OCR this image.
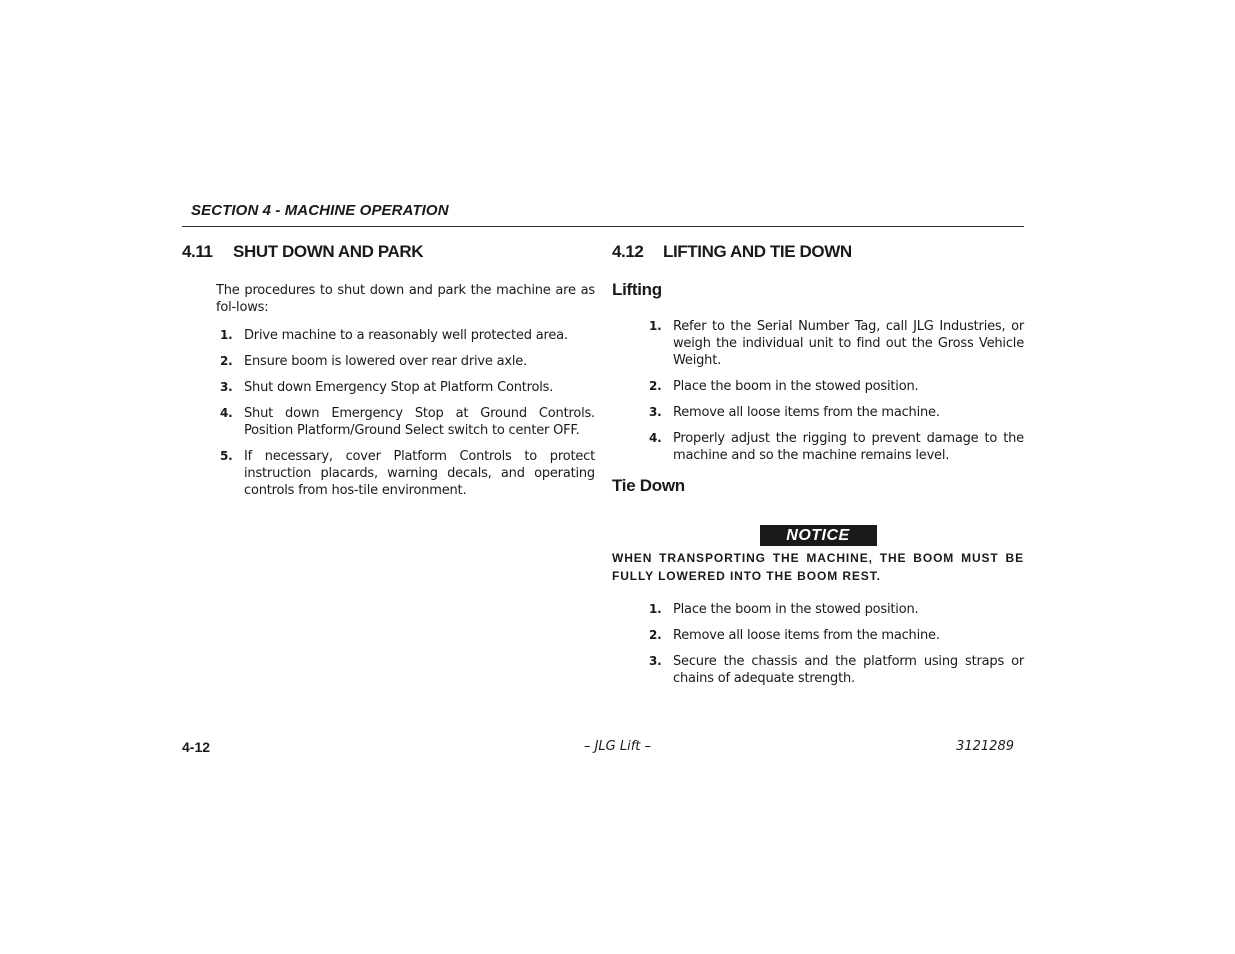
SECTION 4 - MACHINE OPERATION
4.11 SHUT DOWN AND PARK

The procedures to shut down and park the machine are as fol-lows:

1. Drive machine to a reasonably well protected area.
2. Ensure boom is lowered over rear drive axle.
3. Shut down Emergency Stop at Platform Controls.
4. Shut down Emergency Stop at Ground Controls. Position Platform/Ground Select switch to center OFF.
5. If necessary, cover Platform Controls to protect instruction placards, warning decals, and operating controls from hos-tile environment.
4.12 LIFTING AND TIE DOWN
Lifting
1. Refer to the Serial Number Tag, call JLG Industries, or weigh the individual unit to find out the Gross Vehicle Weight.
2. Place the boom in the stowed position.
3. Remove all loose items from the machine.
4. Properly adjust the rigging to prevent damage to the machine and so the machine remains level.
Tie Down
NOTICE

WHEN TRANSPORTING THE MACHINE, THE BOOM MUST BE FULLY LOWERED INTO THE BOOM REST.

1. Place the boom in the stowed position.
2. Remove all loose items from the machine.
3. Secure the chassis and the platform using straps or chains of adequate strength.
4-12	– JLG Lift –	3121289
